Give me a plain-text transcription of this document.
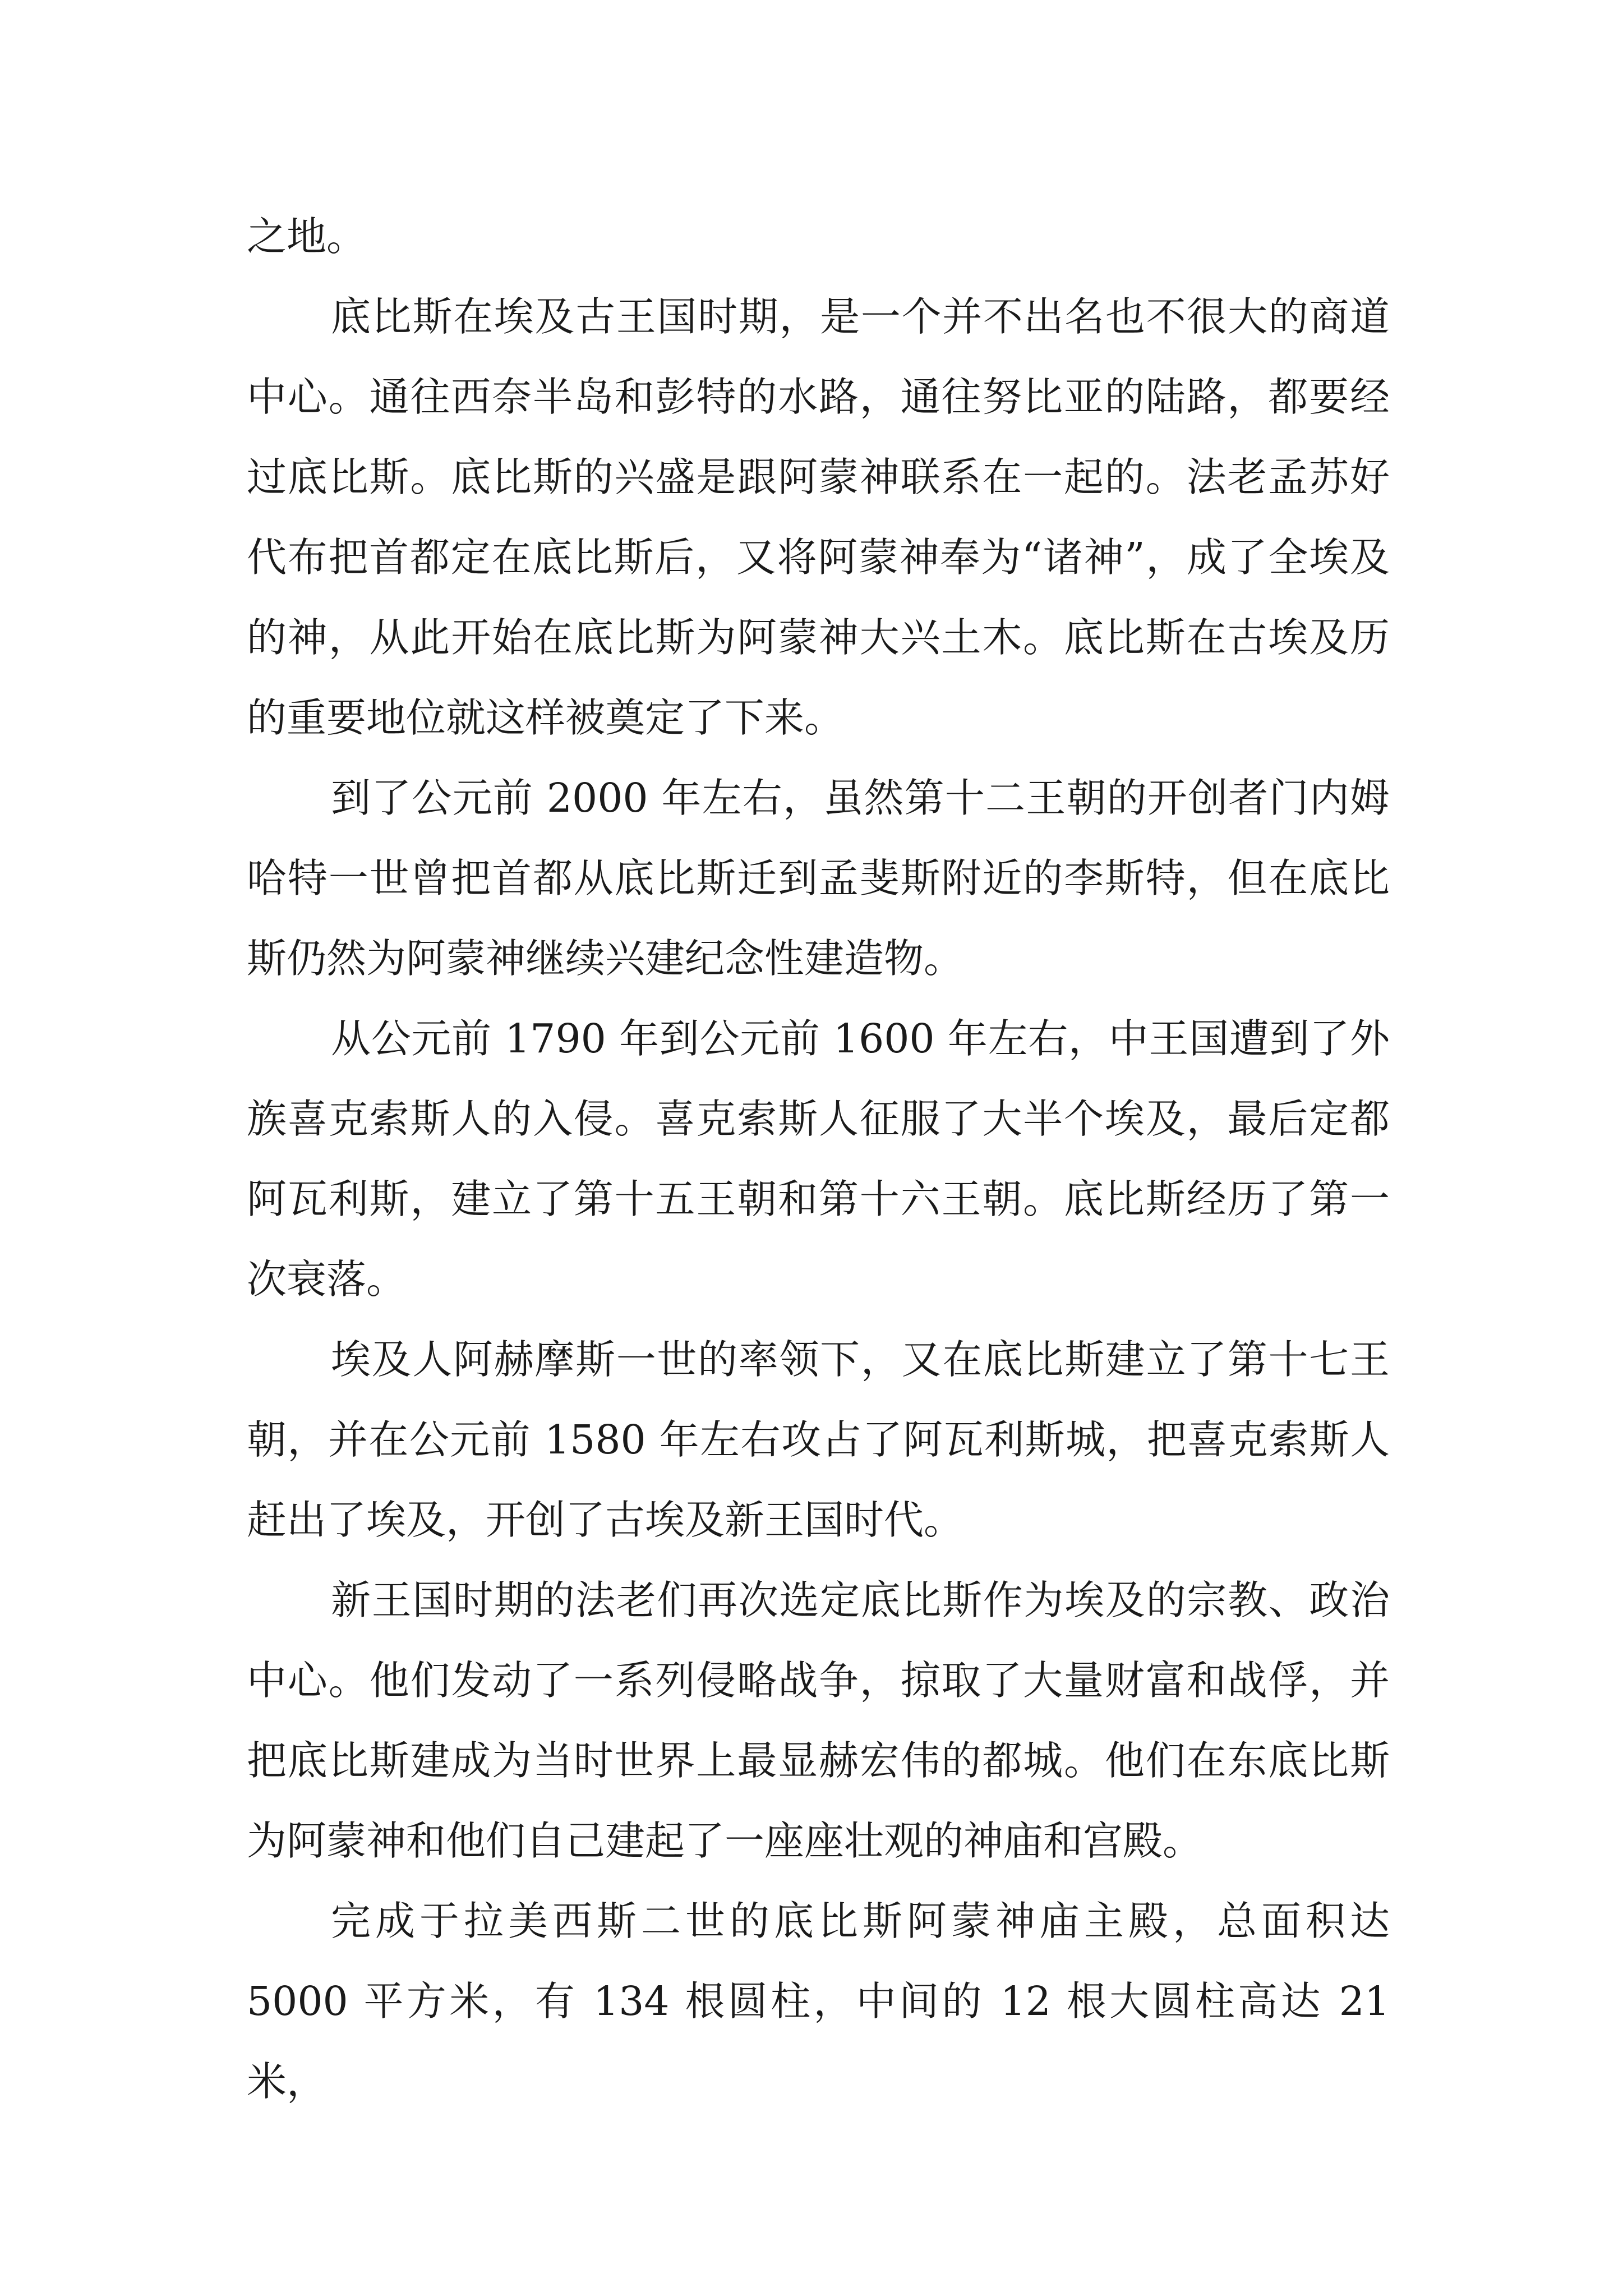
之地。

底比斯在埃及古王国时期，是一个并不出名也不很大的商道中心。通往西奈半岛和彭特的水路，通往努比亚的陆路，都要经过底比斯。底比斯的兴盛是跟阿蒙神联系在一起的。法老孟苏好代布把首都定在底比斯后，又将阿蒙神奉为“诸神”，成了全埃及的神，从此开始在底比斯为阿蒙神大兴土木。底比斯在古埃及历的重要地位就这样被奠定了下来。

到了公元前 2000 年左右，虽然第十二王朝的开创者门内姆哈特一世曾把首都从底比斯迁到孟斐斯附近的李斯特，但在底比斯仍然为阿蒙神继续兴建纪念性建造物。

从公元前 1790 年到公元前 1600 年左右，中王国遭到了外族喜克索斯人的入侵。喜克索斯人征服了大半个埃及，最后定都阿瓦利斯，建立了第十五王朝和第十六王朝。底比斯经历了第一次衰落。

埃及人阿赫摩斯一世的率领下，又在底比斯建立了第十七王朝，并在公元前 1580 年左右攻占了阿瓦利斯城，把喜克索斯人赶出了埃及，开创了古埃及新王国时代。

新王国时期的法老们再次选定底比斯作为埃及的宗教、政治中心。他们发动了一系列侵略战争，掠取了大量财富和战俘，并把底比斯建成为当时世界上最显赫宏伟的都城。他们在东底比斯为阿蒙神和他们自己建起了一座座壮观的神庙和宫殿。

完成于拉美西斯二世的底比斯阿蒙神庙主殿，总面积达 5000 平方米，有 134 根圆柱，中间的 12 根大圆柱高达 21 米，
